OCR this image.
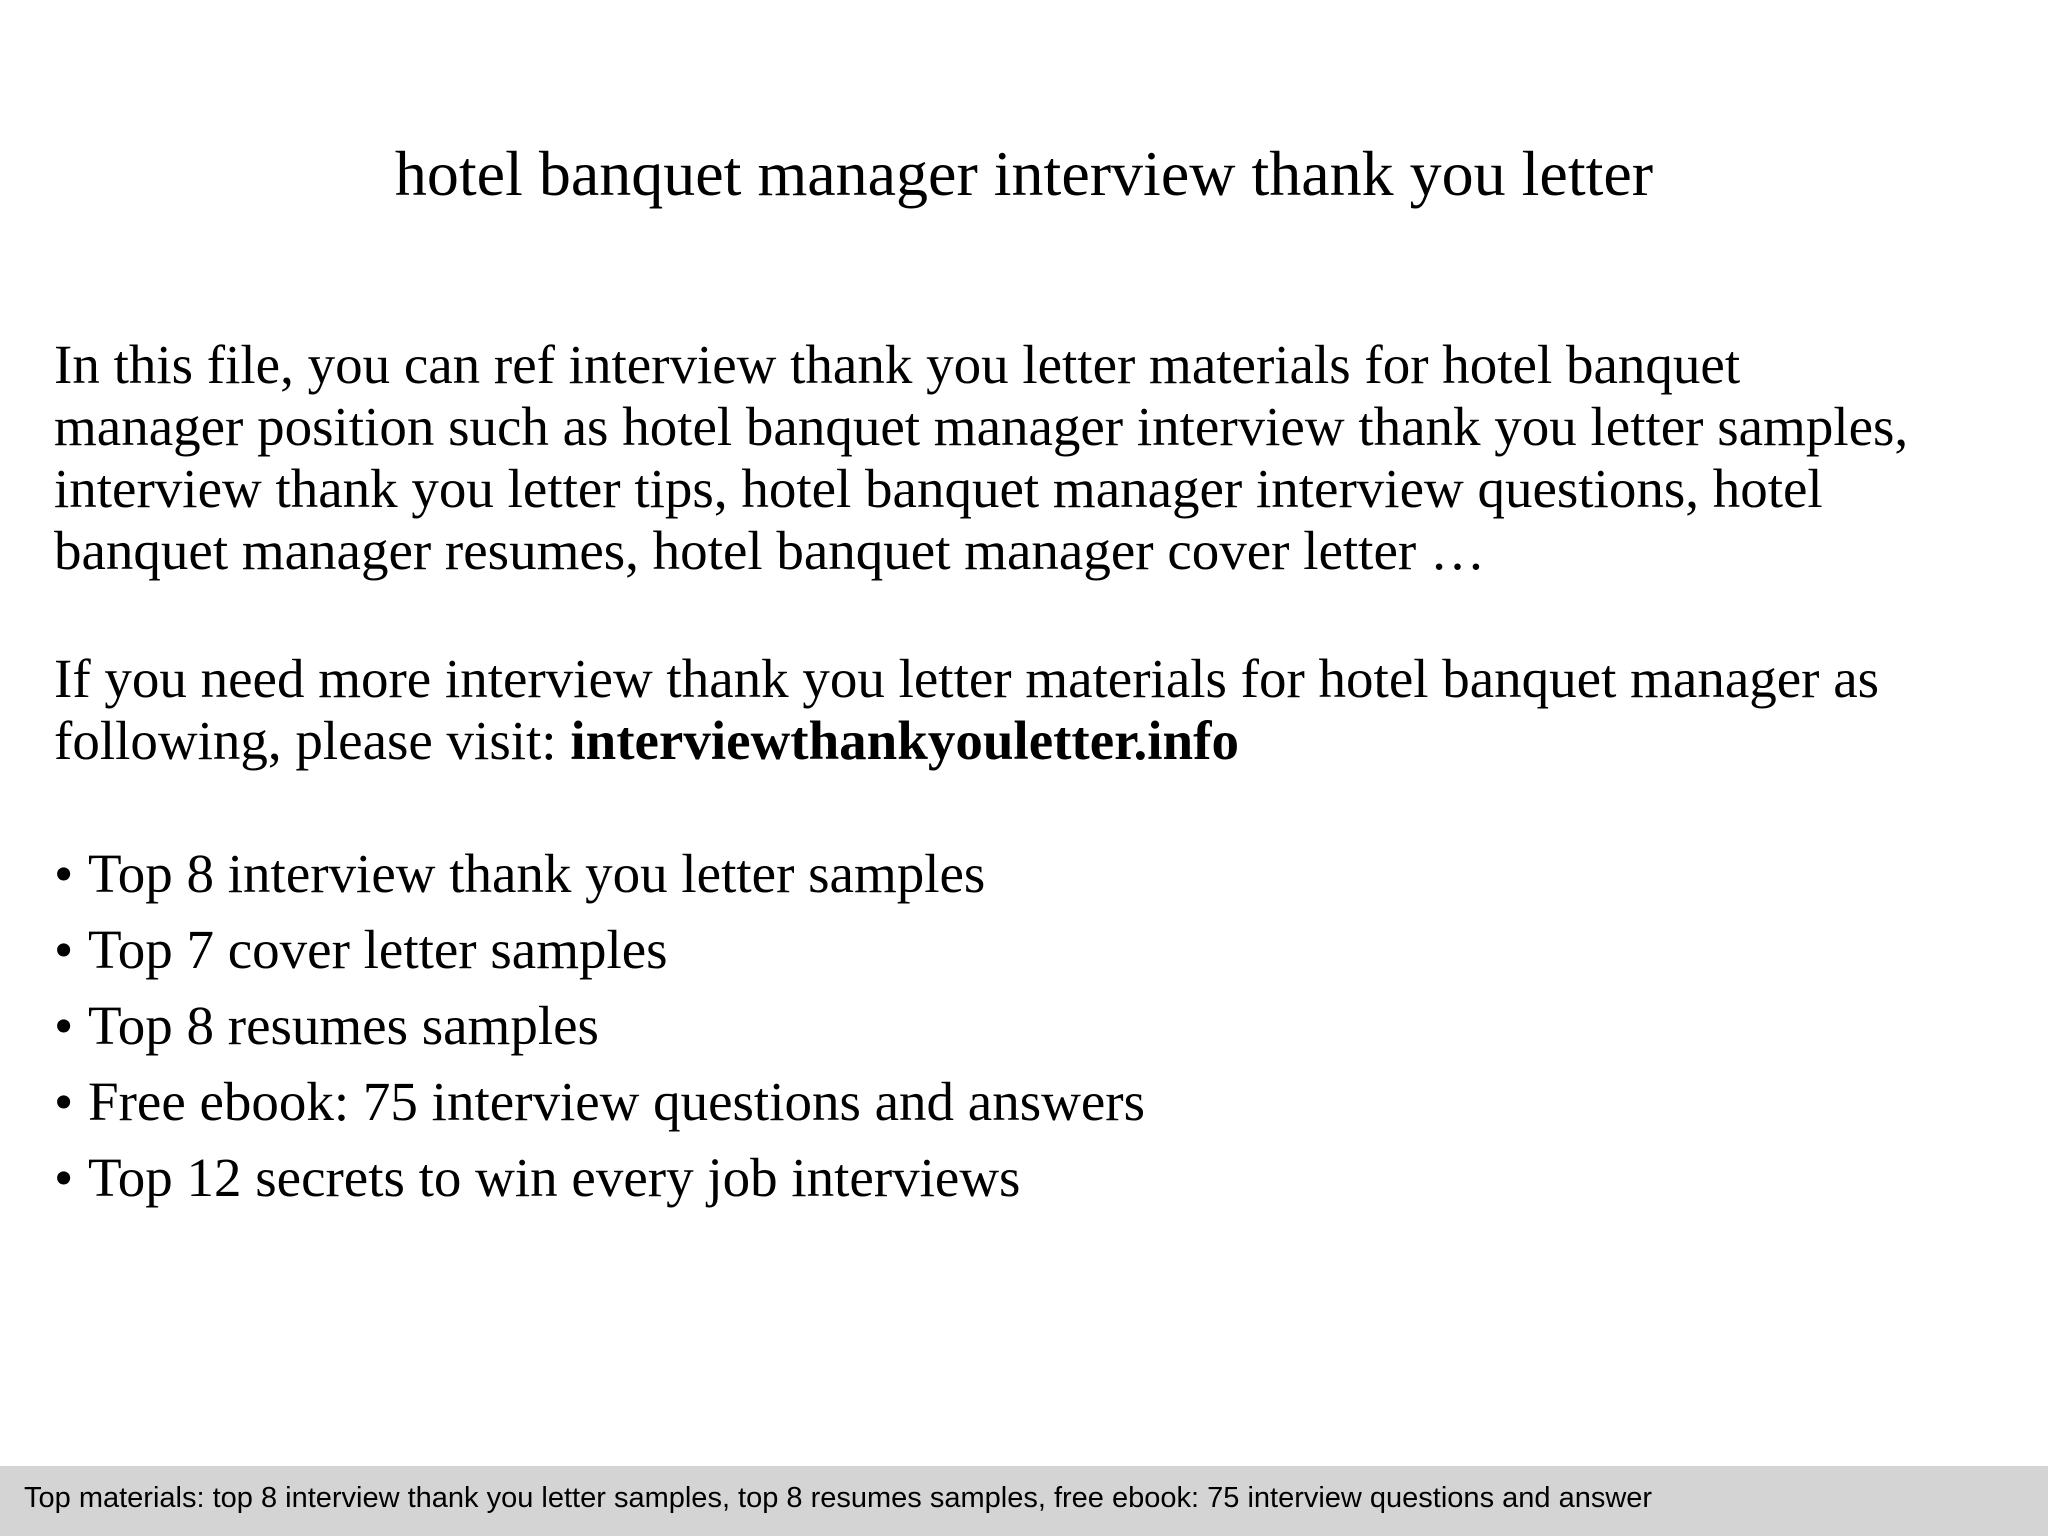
hotel banquet manager interview thank you letter

In this file, you can ref interview thank you letter materials for hotel banquet
manager position such as hotel banquet manager interview thank you letter samples,
interview thank you letter tips, hotel banquet manager interview questions, hotel
banquet manager resumes, hotel banquet manager cover letter …

If you need more interview thank you letter materials for hotel banquet manager as
following, please visit: interviewthankyouletter.info

• Top 8 interview thank you letter samples
• Top 7 cover letter samples
• Top 8 resumes samples
• Free ebook: 75 interview questions and answers
• Top 12 secrets to win every job interviews
Top materials: top 8 interview thank you letter samples, top 8 resumes samples, free ebook: 75 interview questions and answer
